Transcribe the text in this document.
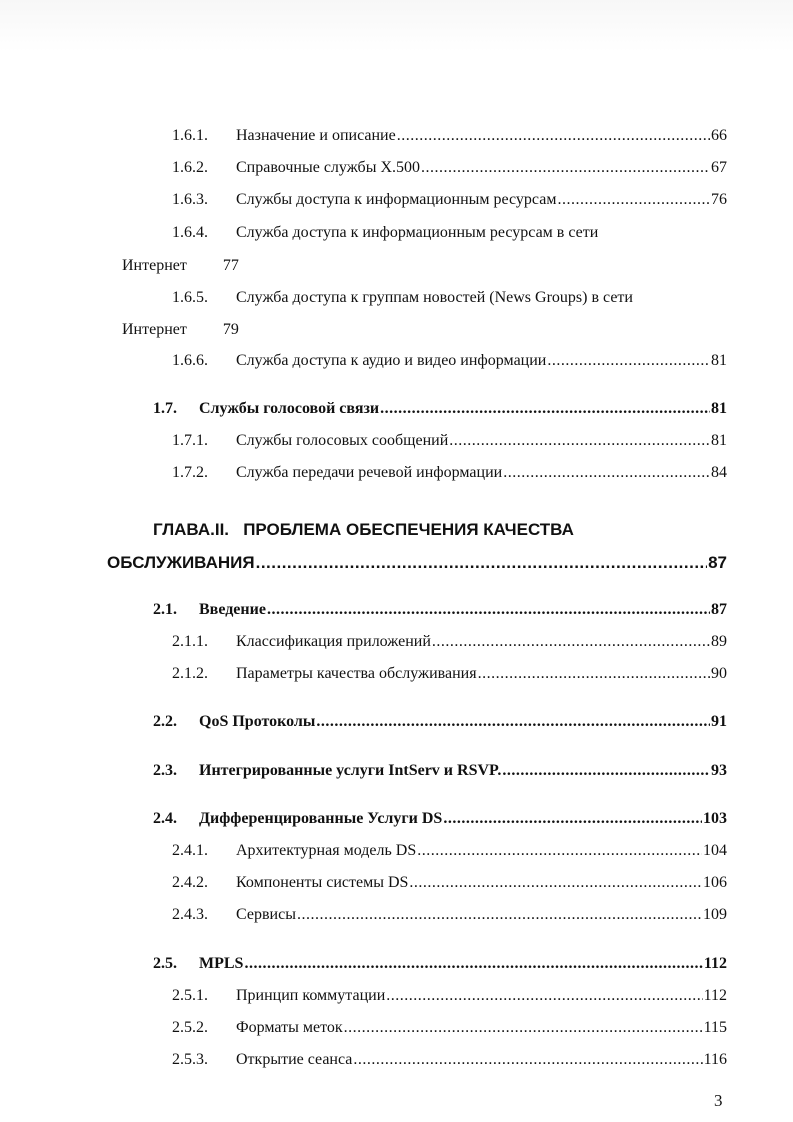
1.6.1.	Назначение и описание .....	66
1.6.2.	Справочные службы X.500 .....	67
1.6.3.	Службы доступа к информационным ресурсам .....	76
1.6.4.	Служба доступа к информационным ресурсам в сети
Интернет 77
1.6.5.	Служба доступа к группам новостей (News Groups) в сети
Интернет 79
1.6.6.	Служба доступа к аудио и видео информации .....	81
1.7.	Службы голосовой связи .....	81
1.7.1.	Службы голосовых сообщений .....	81
1.7.2.	Служба передачи речевой информации .....	84
ГЛАВА.II.   ПРОБЛЕМА ОБЕСПЕЧЕНИЯ КАЧЕСТВА
ОБСЛУЖИВАНИЯ .....	87
2.1.	Введение .....	87
2.1.1.	Классификация приложений .....	89
2.1.2.	Параметры качества обслуживания .....	90
2.2.	QoS Протоколы .....	91
2.3.	Интегрированные услуги IntServ и RSVP. .....	93
2.4.	Дифференцированные Услуги DS .....	103
2.4.1.	Архитектурная модель DS .....	104
2.4.2.	Компоненты системы DS .....	106
2.4.3.	Сервисы .....	109
2.5.	MPLS .....	112
2.5.1.	Принцип коммутации .....	112
2.5.2.	Форматы меток .....	115
2.5.3.	Открытие сеанса .....	116
3
